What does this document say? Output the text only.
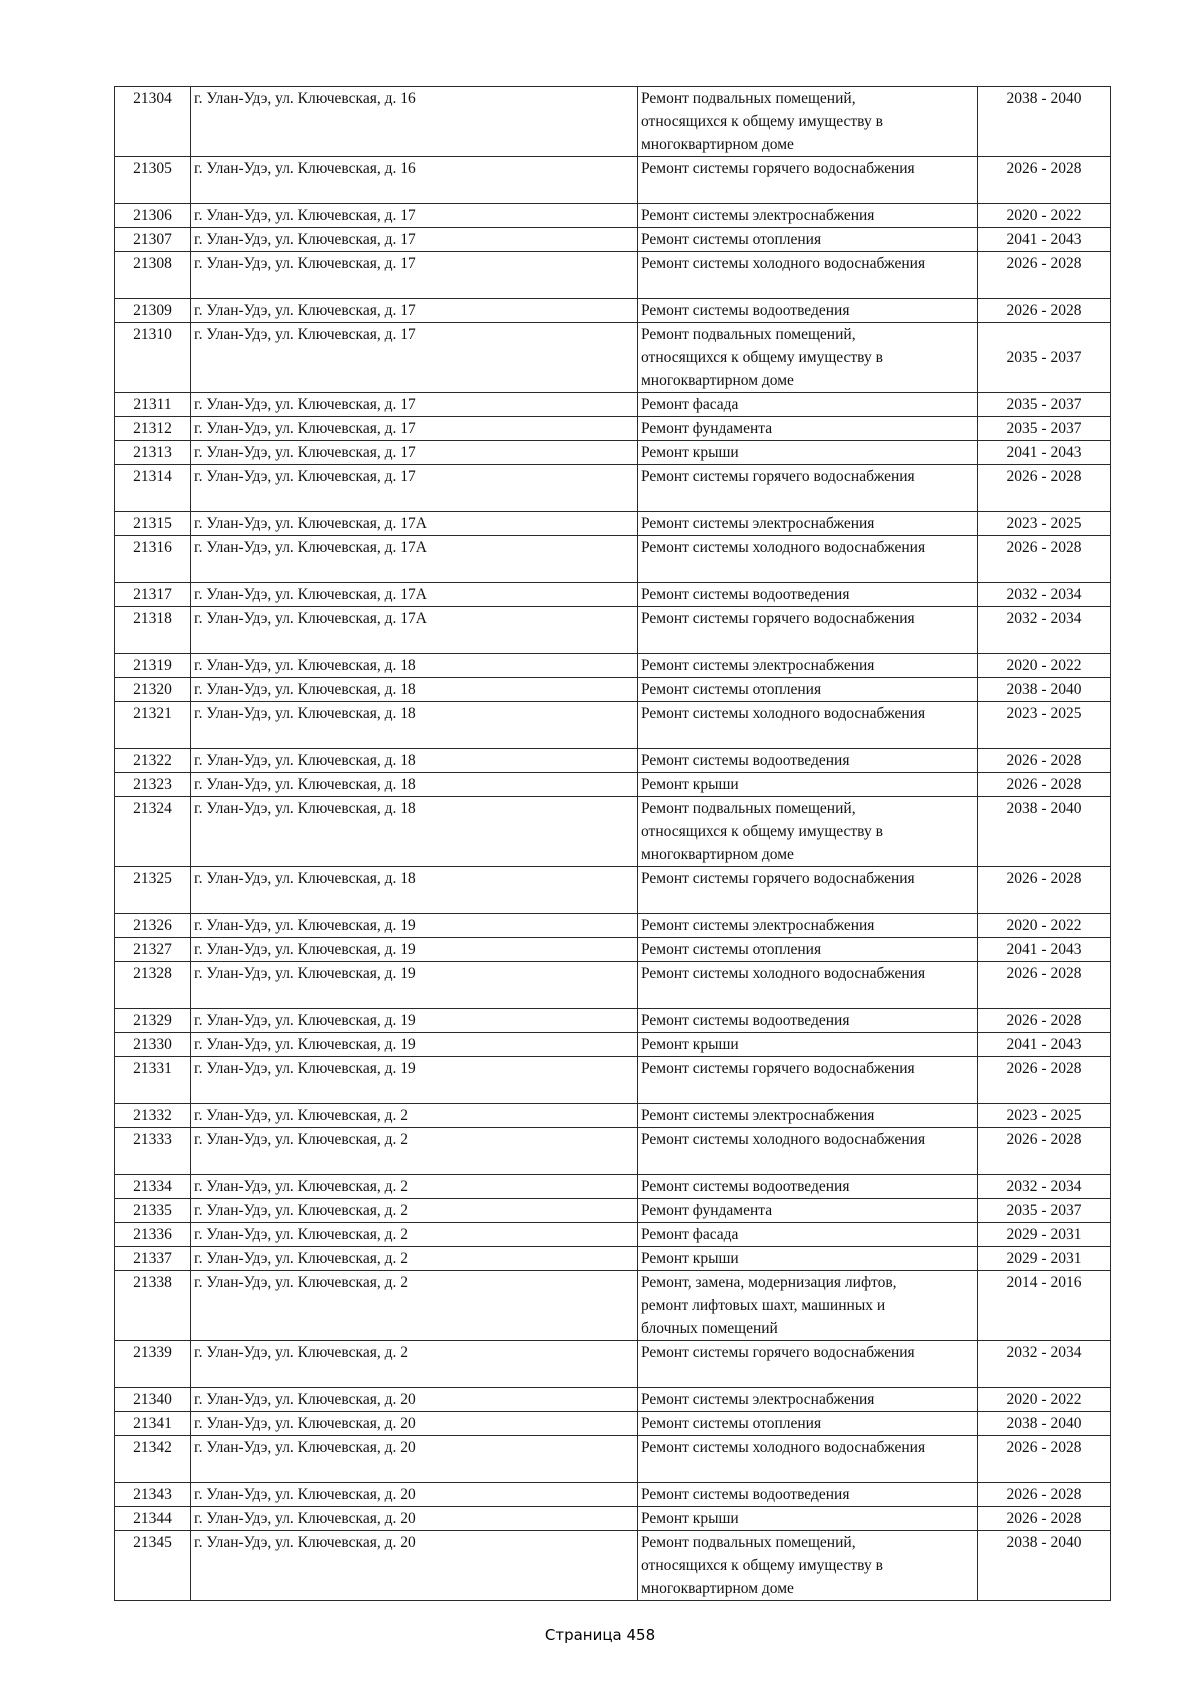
21304	г. Улан-Удэ, ул. Ключевская, д. 16	Ремонт подвальных помещений,
относящихся к общему имуществу в
многоквартирном доме	2038 - 2040
21305	г. Улан-Удэ, ул. Ключевская, д. 16	Ремонт системы горячего водоснабжения	2026 - 2028
21306	г. Улан-Удэ, ул. Ключевская, д. 17	Ремонт системы электроснабжения	2020 - 2022
21307	г. Улан-Удэ, ул. Ключевская, д. 17	Ремонт системы отопления	2041 - 2043
21308	г. Улан-Удэ, ул. Ключевская, д. 17	Ремонт системы холодного водоснабжения	2026 - 2028
21309	г. Улан-Удэ, ул. Ключевская, д. 17	Ремонт системы водоотведения	2026 - 2028
21310	г. Улан-Удэ, ул. Ключевская, д. 17	Ремонт подвальных помещений,
относящихся к общему имуществу в
многоквартирном доме	2035 - 2037
21311	г. Улан-Удэ, ул. Ключевская, д. 17	Ремонт фасада	2035 - 2037
21312	г. Улан-Удэ, ул. Ключевская, д. 17	Ремонт фундамента	2035 - 2037
21313	г. Улан-Удэ, ул. Ключевская, д. 17	Ремонт крыши	2041 - 2043
21314	г. Улан-Удэ, ул. Ключевская, д. 17	Ремонт системы горячего водоснабжения	2026 - 2028
21315	г. Улан-Удэ, ул. Ключевская, д. 17А	Ремонт системы электроснабжения	2023 - 2025
21316	г. Улан-Удэ, ул. Ключевская, д. 17А	Ремонт системы холодного водоснабжения	2026 - 2028
21317	г. Улан-Удэ, ул. Ключевская, д. 17А	Ремонт системы водоотведения	2032 - 2034
21318	г. Улан-Удэ, ул. Ключевская, д. 17А	Ремонт системы горячего водоснабжения	2032 - 2034
21319	г. Улан-Удэ, ул. Ключевская, д. 18	Ремонт системы электроснабжения	2020 - 2022
21320	г. Улан-Удэ, ул. Ключевская, д. 18	Ремонт системы отопления	2038 - 2040
21321	г. Улан-Удэ, ул. Ключевская, д. 18	Ремонт системы холодного водоснабжения	2023 - 2025
21322	г. Улан-Удэ, ул. Ключевская, д. 18	Ремонт системы водоотведения	2026 - 2028
21323	г. Улан-Удэ, ул. Ключевская, д. 18	Ремонт крыши	2026 - 2028
21324	г. Улан-Удэ, ул. Ключевская, д. 18	Ремонт подвальных помещений,
относящихся к общему имуществу в
многоквартирном доме	2038 - 2040
21325	г. Улан-Удэ, ул. Ключевская, д. 18	Ремонт системы горячего водоснабжения	2026 - 2028
21326	г. Улан-Удэ, ул. Ключевская, д. 19	Ремонт системы электроснабжения	2020 - 2022
21327	г. Улан-Удэ, ул. Ключевская, д. 19	Ремонт системы отопления	2041 - 2043
21328	г. Улан-Удэ, ул. Ключевская, д. 19	Ремонт системы холодного водоснабжения	2026 - 2028
21329	г. Улан-Удэ, ул. Ключевская, д. 19	Ремонт системы водоотведения	2026 - 2028
21330	г. Улан-Удэ, ул. Ключевская, д. 19	Ремонт крыши	2041 - 2043
21331	г. Улан-Удэ, ул. Ключевская, д. 19	Ремонт системы горячего водоснабжения	2026 - 2028
21332	г. Улан-Удэ, ул. Ключевская, д. 2	Ремонт системы электроснабжения	2023 - 2025
21333	г. Улан-Удэ, ул. Ключевская, д. 2	Ремонт системы холодного водоснабжения	2026 - 2028
21334	г. Улан-Удэ, ул. Ключевская, д. 2	Ремонт системы водоотведения	2032 - 2034
21335	г. Улан-Удэ, ул. Ключевская, д. 2	Ремонт фундамента	2035 - 2037
21336	г. Улан-Удэ, ул. Ключевская, д. 2	Ремонт фасада	2029 - 2031
21337	г. Улан-Удэ, ул. Ключевская, д. 2	Ремонт крыши	2029 - 2031
21338	г. Улан-Удэ, ул. Ключевская, д. 2	Ремонт, замена, модернизация лифтов,
ремонт лифтовых шахт, машинных и
блочных помещений	2014 - 2016
21339	г. Улан-Удэ, ул. Ключевская, д. 2	Ремонт системы горячего водоснабжения	2032 - 2034
21340	г. Улан-Удэ, ул. Ключевская, д. 20	Ремонт системы электроснабжения	2020 - 2022
21341	г. Улан-Удэ, ул. Ключевская, д. 20	Ремонт системы отопления	2038 - 2040
21342	г. Улан-Удэ, ул. Ключевская, д. 20	Ремонт системы холодного водоснабжения	2026 - 2028
21343	г. Улан-Удэ, ул. Ключевская, д. 20	Ремонт системы водоотведения	2026 - 2028
21344	г. Улан-Удэ, ул. Ключевская, д. 20	Ремонт крыши	2026 - 2028
21345	г. Улан-Удэ, ул. Ключевская, д. 20	Ремонт подвальных помещений,
относящихся к общему имуществу в
многоквартирном доме	2038 - 2040
Страница 458
